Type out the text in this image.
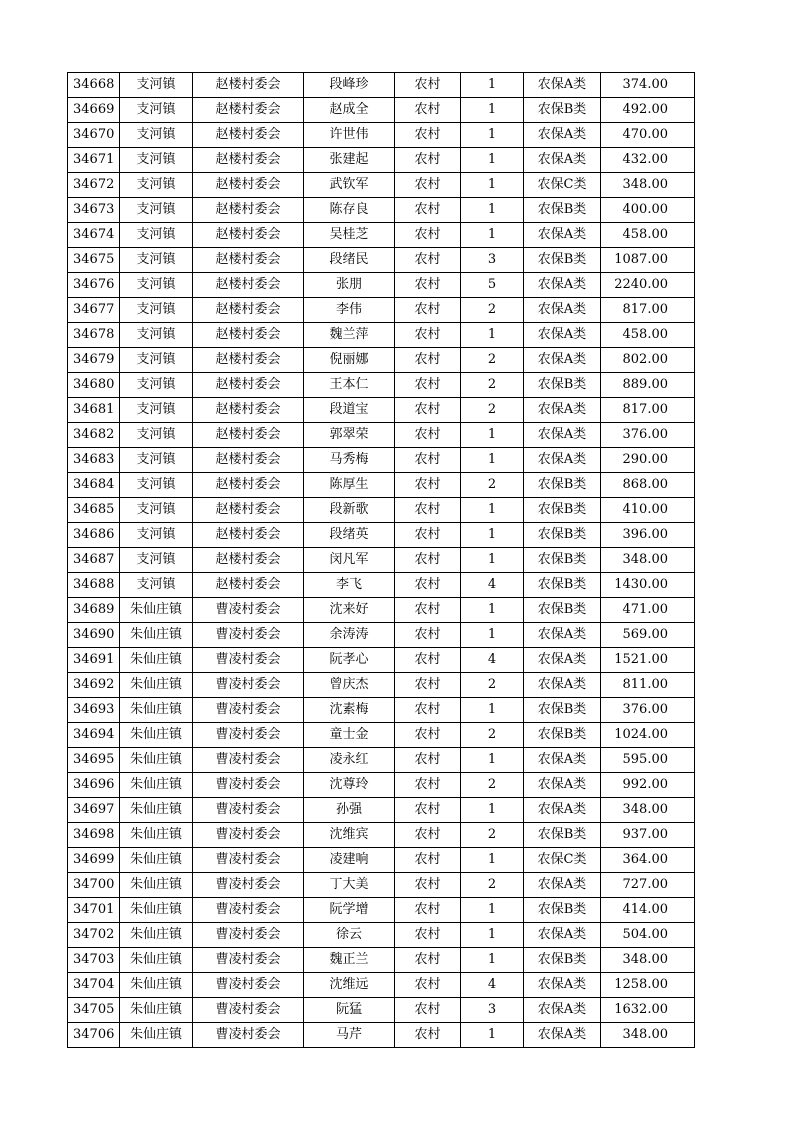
34668	支河镇	赵楼村委会	段峰珍	农村	1	农保A类	374.00
34669	支河镇	赵楼村委会	赵成全	农村	1	农保B类	492.00
34670	支河镇	赵楼村委会	许世伟	农村	1	农保A类	470.00
34671	支河镇	赵楼村委会	张建起	农村	1	农保A类	432.00
34672	支河镇	赵楼村委会	武钦军	农村	1	农保C类	348.00
34673	支河镇	赵楼村委会	陈存良	农村	1	农保B类	400.00
34674	支河镇	赵楼村委会	吴桂芝	农村	1	农保A类	458.00
34675	支河镇	赵楼村委会	段绪民	农村	3	农保B类	1087.00
34676	支河镇	赵楼村委会	张朋	农村	5	农保A类	2240.00
34677	支河镇	赵楼村委会	李伟	农村	2	农保A类	817.00
34678	支河镇	赵楼村委会	魏兰萍	农村	1	农保A类	458.00
34679	支河镇	赵楼村委会	倪丽娜	农村	2	农保A类	802.00
34680	支河镇	赵楼村委会	王本仁	农村	2	农保B类	889.00
34681	支河镇	赵楼村委会	段道宝	农村	2	农保A类	817.00
34682	支河镇	赵楼村委会	郭翠荣	农村	1	农保A类	376.00
34683	支河镇	赵楼村委会	马秀梅	农村	1	农保A类	290.00
34684	支河镇	赵楼村委会	陈厚生	农村	2	农保B类	868.00
34685	支河镇	赵楼村委会	段新歌	农村	1	农保B类	410.00
34686	支河镇	赵楼村委会	段绪英	农村	1	农保B类	396.00
34687	支河镇	赵楼村委会	闵凡军	农村	1	农保B类	348.00
34688	支河镇	赵楼村委会	李飞	农村	4	农保B类	1430.00
34689	朱仙庄镇	曹凌村委会	沈来好	农村	1	农保B类	471.00
34690	朱仙庄镇	曹凌村委会	余涛涛	农村	1	农保A类	569.00
34691	朱仙庄镇	曹凌村委会	阮孝心	农村	4	农保A类	1521.00
34692	朱仙庄镇	曹凌村委会	曾庆杰	农村	2	农保A类	811.00
34693	朱仙庄镇	曹凌村委会	沈素梅	农村	1	农保B类	376.00
34694	朱仙庄镇	曹凌村委会	童士金	农村	2	农保B类	1024.00
34695	朱仙庄镇	曹凌村委会	凌永红	农村	1	农保A类	595.00
34696	朱仙庄镇	曹凌村委会	沈尊玲	农村	2	农保A类	992.00
34697	朱仙庄镇	曹凌村委会	孙强	农村	1	农保A类	348.00
34698	朱仙庄镇	曹凌村委会	沈维宾	农村	2	农保B类	937.00
34699	朱仙庄镇	曹凌村委会	凌建响	农村	1	农保C类	364.00
34700	朱仙庄镇	曹凌村委会	丁大美	农村	2	农保A类	727.00
34701	朱仙庄镇	曹凌村委会	阮学增	农村	1	农保B类	414.00
34702	朱仙庄镇	曹凌村委会	徐云	农村	1	农保A类	504.00
34703	朱仙庄镇	曹凌村委会	魏正兰	农村	1	农保B类	348.00
34704	朱仙庄镇	曹凌村委会	沈维远	农村	4	农保A类	1258.00
34705	朱仙庄镇	曹凌村委会	阮猛	农村	3	农保A类	1632.00
34706	朱仙庄镇	曹凌村委会	马芹	农村	1	农保A类	348.00
